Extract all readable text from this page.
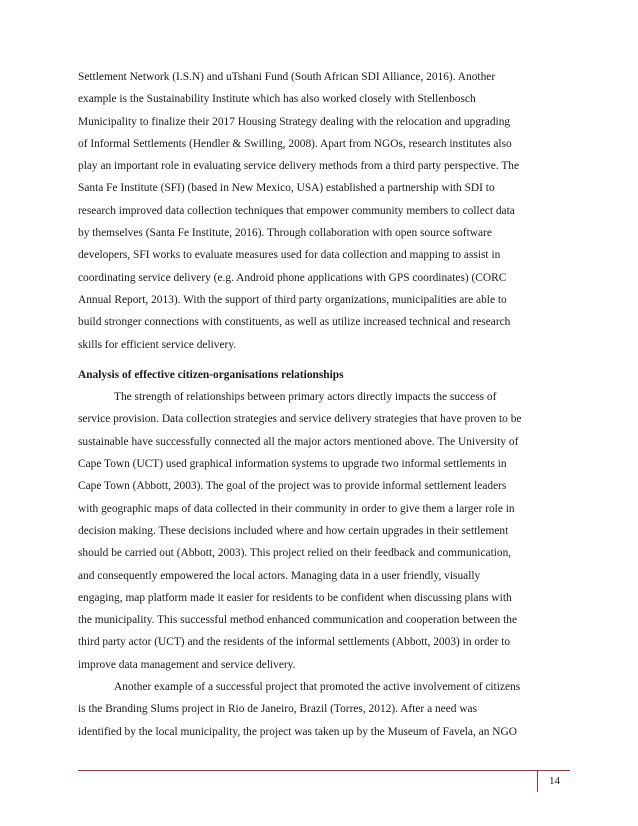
Settlement Network (I.S.N) and uTshani Fund (South African SDI Alliance, 2016). Another
example is the Sustainability Institute which has also worked closely with Stellenbosch
Municipality to finalize their 2017 Housing Strategy dealing with the relocation and upgrading
of Informal Settlements (Hendler & Swilling, 2008). Apart from NGOs, research institutes also
play an important role in evaluating service delivery methods from a third party perspective. The
Santa Fe Institute (SFI) (based in New Mexico, USA) established a partnership with SDI to
research improved data collection techniques that empower community members to collect data
by themselves (Santa Fe Institute, 2016). Through collaboration with open source software
developers, SFI works to evaluate measures used for data collection and mapping to assist in
coordinating service delivery (e.g. Android phone applications with GPS coordinates) (CORC
Annual Report, 2013). With the support of third party organizations, municipalities are able to
build stronger connections with constituents, as well as utilize increased technical and research
skills for efficient service delivery.
Analysis of effective citizen-organisations relationships
The strength of relationships between primary actors directly impacts the success of
service provision. Data collection strategies and service delivery strategies that have proven to be
sustainable have successfully connected all the major actors mentioned above. The University of
Cape Town (UCT) used graphical information systems to upgrade two informal settlements in
Cape Town (Abbott, 2003). The goal of the project was to provide informal settlement leaders
with geographic maps of data collected in their community in order to give them a larger role in
decision making. These decisions included where and how certain upgrades in their settlement
should be carried out (Abbott, 2003). This project relied on their feedback and communication,
and consequently empowered the local actors. Managing data in a user friendly, visually
engaging, map platform made it easier for residents to be confident when discussing plans with
the municipality. This successful method enhanced communication and cooperation between the
third party actor (UCT) and the residents of the informal settlements (Abbott, 2003) in order to
improve data management and service delivery.
Another example of a successful project that promoted the active involvement of citizens
is the Branding Slums project in Rio de Janeiro, Brazil (Torres, 2012). After a need was
identified by the local municipality, the project was taken up by the Museum of Favela, an NGO
14
